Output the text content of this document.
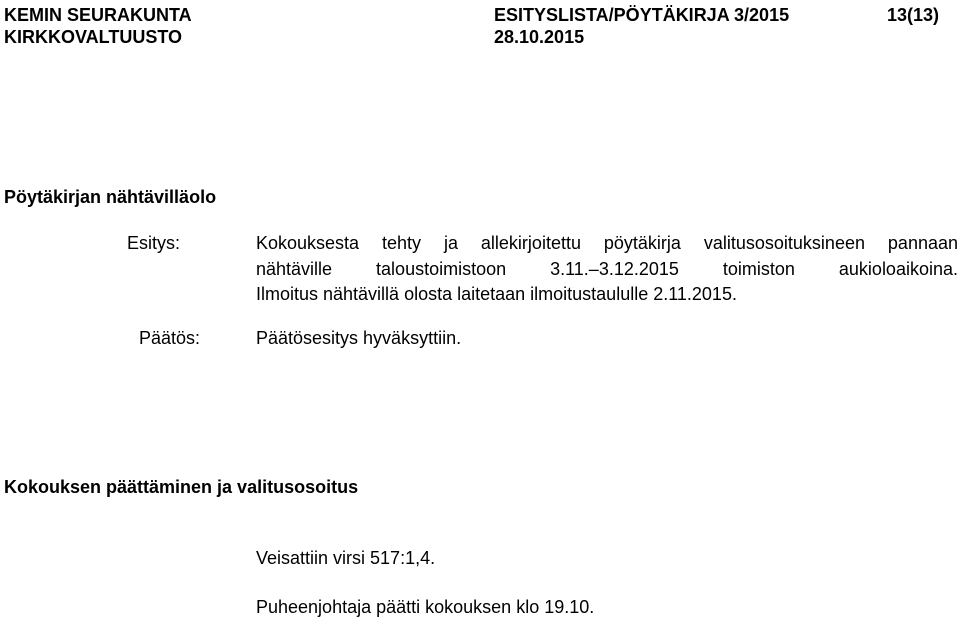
KEMIN SEURAKUNTA
KIRKKOVALTUUSTO
ESITYSLISTA/PÖYTÄKIRJA 3/2015
28.10.2015
13(13)
Pöytäkirjan nähtävilläolo
Esitys:	Kokouksesta tehty ja allekirjoitettu pöytäkirja valitusosoituksineen pannaan
nähtäville taloustoimistoon 3.11.–3.12.2015 toimiston aukioloaikoina.
Ilmoitus nähtävillä olosta laitetaan ilmoitustaululle 2.11.2015.
Päätös:	Päätösesitys hyväksyttiin.
Kokouksen päättäminen ja valitusosoitus
Veisattiin virsi 517:1,4.
Puheenjohtaja päätti kokouksen klo 19.10.
